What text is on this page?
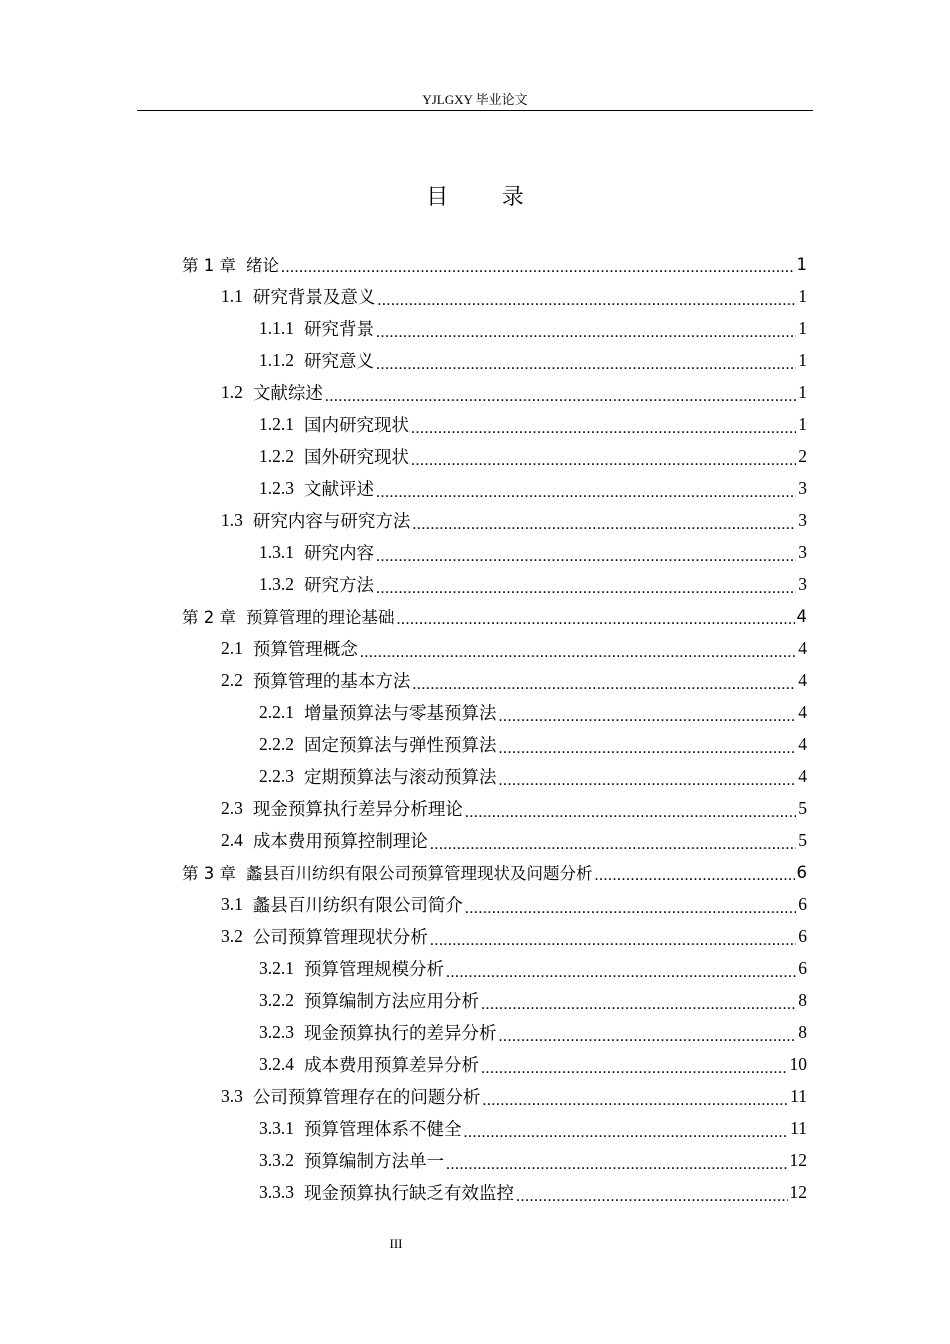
YJLGXY 毕业论文
目 录
第 1 章 绪论 .....	1
1.1 研究背景及意义 .....	1
1.1.1 研究背景 .....	1
1.1.2 研究意义 .....	1
1.2 文献综述 .....	1
1.2.1 国内研究现状 .....	1
1.2.2 国外研究现状 .....	2
1.2.3 文献评述 .....	3
1.3 研究内容与研究方法 .....	3
1.3.1 研究内容 .....	3
1.3.2 研究方法 .....	3
第 2 章 预算管理的理论基础 .....	4
2.1 预算管理概念 .....	4
2.2 预算管理的基本方法 .....	4
2.2.1 增量预算法与零基预算法 .....	4
2.2.2 固定预算法与弹性预算法 .....	4
2.2.3 定期预算法与滚动预算法 .....	4
2.3 现金预算执行差异分析理论 .....	5
2.4 成本费用预算控制理论 .....	5
第 3 章 蠡县百川纺织有限公司预算管理现状及问题分析 .....	6
3.1 蠡县百川纺织有限公司简介 .....	6
3.2 公司预算管理现状分析 .....	6
3.2.1 预算管理规模分析 .....	6
3.2.2 预算编制方法应用分析 .....	8
3.2.3 现金预算执行的差异分析 .....	8
3.2.4 成本费用预算差异分析 .....	10
3.3 公司预算管理存在的问题分析 .....	11
3.3.1 预算管理体系不健全 .....	11
3.3.2 预算编制方法单一 .....	12
3.3.3 现金预算执行缺乏有效监控 .....	12
III
